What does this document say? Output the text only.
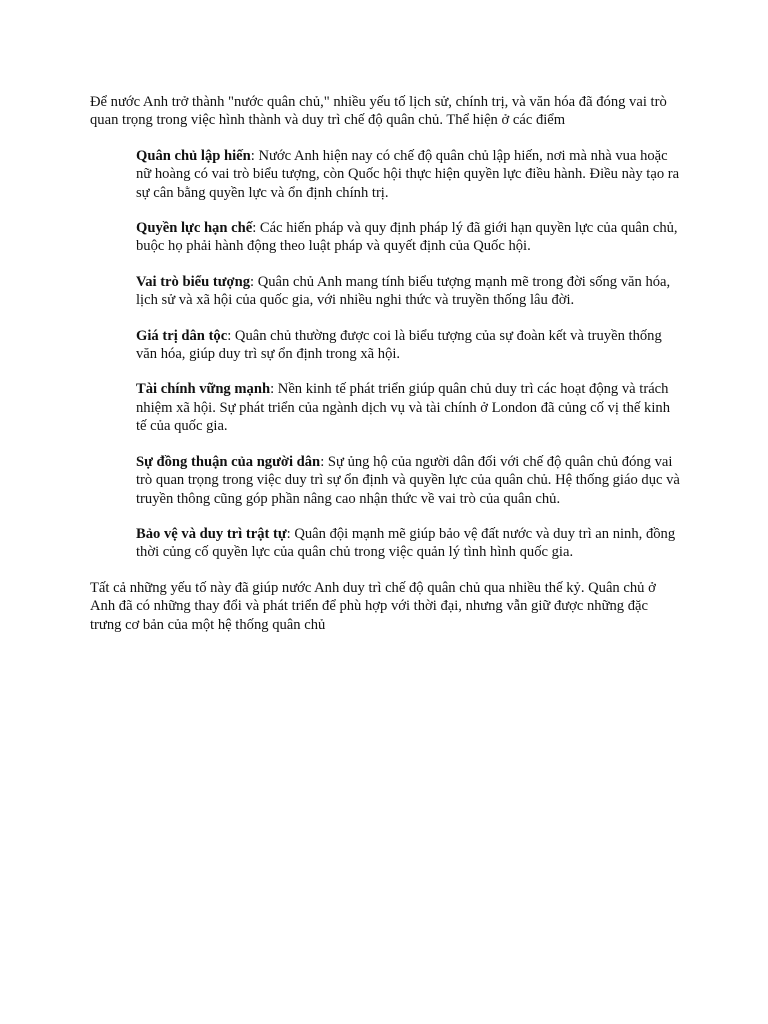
Để nước Anh trở thành "nước quân chủ," nhiều yếu tố lịch sử, chính trị, và văn hóa đã đóng vai trò quan trọng trong việc hình thành và duy trì chế độ quân chủ. Thể hiện ở các điểm

Quân chủ lập hiến: Nước Anh hiện nay có chế độ quân chủ lập hiến, nơi mà nhà vua hoặc nữ hoàng có vai trò biểu tượng, còn Quốc hội thực hiện quyền lực điều hành. Điều này tạo ra sự cân bằng quyền lực và ổn định chính trị.
Quyền lực hạn chế: Các hiến pháp và quy định pháp lý đã giới hạn quyền lực của quân chủ, buộc họ phải hành động theo luật pháp và quyết định của Quốc hội.
Vai trò biểu tượng: Quân chủ Anh mang tính biểu tượng mạnh mẽ trong đời sống văn hóa, lịch sử và xã hội của quốc gia, với nhiều nghi thức và truyền thống lâu đời.
Giá trị dân tộc: Quân chủ thường được coi là biểu tượng của sự đoàn kết và truyền thống văn hóa, giúp duy trì sự ổn định trong xã hội.
Tài chính vững mạnh: Nền kinh tế phát triển giúp quân chủ duy trì các hoạt động và trách nhiệm xã hội. Sự phát triển của ngành dịch vụ và tài chính ở London đã củng cố vị thế kinh tế của quốc gia.
Sự đồng thuận của người dân: Sự ủng hộ của người dân đối với chế độ quân chủ đóng vai trò quan trọng trong việc duy trì sự ổn định và quyền lực của quân chủ. Hệ thống giáo dục và truyền thông cũng góp phần nâng cao nhận thức về vai trò của quân chủ.
Bảo vệ và duy trì trật tự: Quân đội mạnh mẽ giúp bảo vệ đất nước và duy trì an ninh, đồng thời củng cố quyền lực của quân chủ trong việc quản lý tình hình quốc gia.

Tất cả những yếu tố này đã giúp nước Anh duy trì chế độ quân chủ qua nhiều thế kỷ. Quân chủ ở Anh đã có những thay đổi và phát triển để phù hợp với thời đại, nhưng vẫn giữ được những đặc trưng cơ bản của một hệ thống quân chủ
